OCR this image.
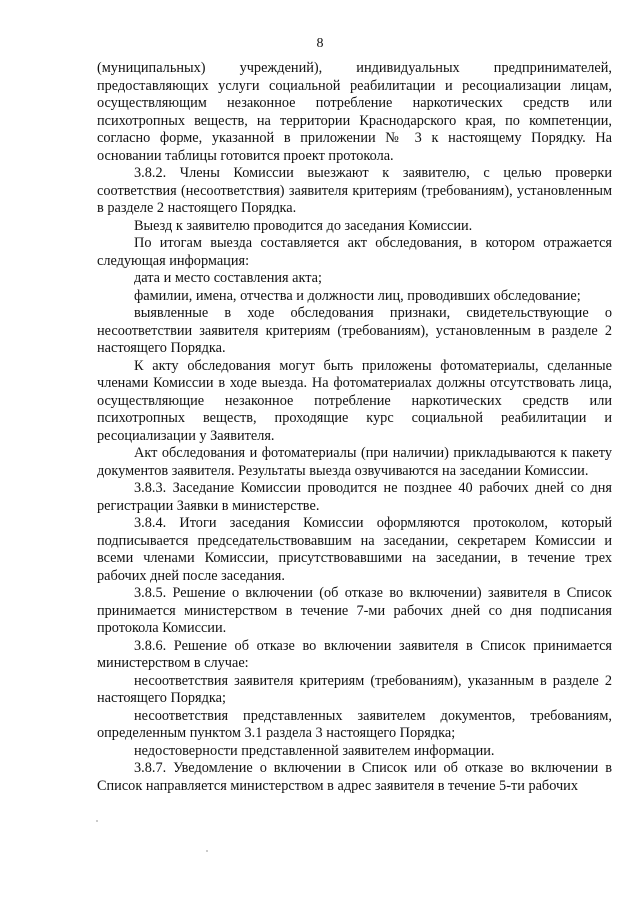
8

(муниципальных) учреждений), индивидуальных предпринимателей, предоставляющих услуги социальной реабилитации и ресоциализации лицам, осуществляющим незаконное потребление наркотических средств или психотропных веществ, на территории Краснодарского края, по компетенции, согласно форме, указанной в приложении № 3 к настоящему Порядку. На основании таблицы готовится проект протокола.

3.8.2. Члены Комиссии выезжают к заявителю, с целью проверки соответствия (несоответствия) заявителя критериям (требованиям), установленным в разделе 2 настоящего Порядка.

Выезд к заявителю проводится до заседания Комиссии.

По итогам выезда составляется акт обследования, в котором отражается следующая информация:

дата и место составления акта;

фамилии, имена, отчества и должности лиц, проводивших обследование;

выявленные в ходе обследования признаки, свидетельствующие о несоответствии заявителя критериям (требованиям), установленным в разделе 2 настоящего Порядка.

К акту обследования могут быть приложены фотоматериалы, сделанные членами Комиссии в ходе выезда. На фотоматериалах должны отсутствовать лица, осуществляющие незаконное потребление наркотических средств или психотропных веществ, проходящие курс социальной реабилитации и ресоциализации у Заявителя.

Акт обследования и фотоматериалы (при наличии) прикладываются к пакету документов заявителя. Результаты выезда озвучиваются на заседании Комиссии.

3.8.3. Заседание Комиссии проводится не позднее 40 рабочих дней со дня регистрации Заявки в министерстве.

3.8.4. Итоги заседания Комиссии оформляются протоколом, который подписывается председательствовавшим на заседании, секретарем Комиссии и всеми членами Комиссии, присутствовавшими на заседании, в течение трех рабочих дней после заседания.

3.8.5. Решение о включении (об отказе во включении) заявителя в Список принимается министерством в течение 7-ми рабочих дней со дня подписания протокола Комиссии.

3.8.6. Решение об отказе во включении заявителя в Список принимается министерством в случае:

несоответствия заявителя критериям (требованиям), указанным в разделе 2 настоящего Порядка;

несоответствия представленных заявителем документов, требованиям, определенным пунктом 3.1 раздела 3 настоящего Порядка;

недостоверности представленной заявителем информации.

3.8.7. Уведомление о включении в Список или об отказе во включении в Список направляется министерством в адрес заявителя в течение 5-ти рабочих
